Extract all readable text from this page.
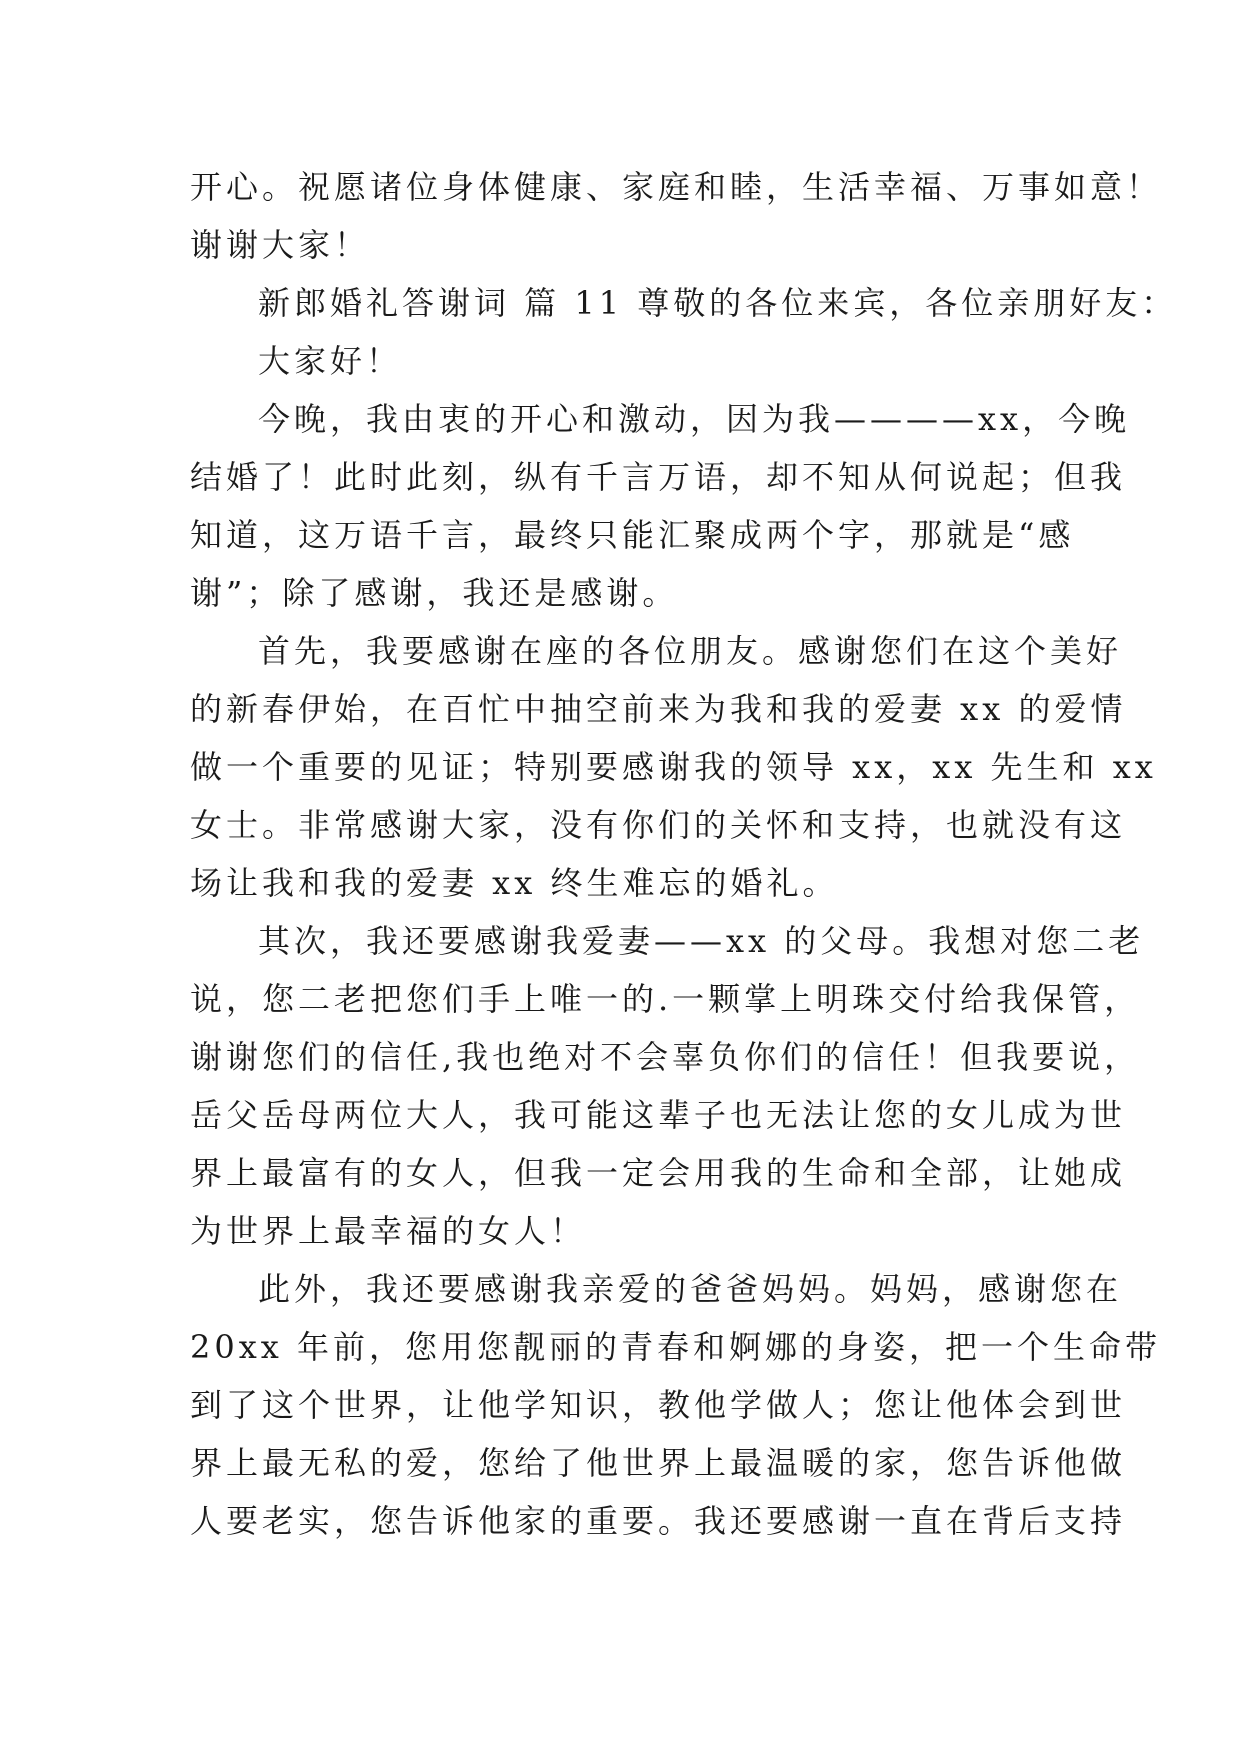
开心。祝愿诸位身体健康、家庭和睦，生活幸福、万事如意！
谢谢大家！
新郎婚礼答谢词 篇 11 尊敬的各位来宾，各位亲朋好友：
大家好！
今晚，我由衷的开心和激动，因为我————xx，今晚
结婚了！此时此刻，纵有千言万语，却不知从何说起；但我
知道，这万语千言，最终只能汇聚成两个字，那就是“感
谢”；除了感谢，我还是感谢。
首先，我要感谢在座的各位朋友。感谢您们在这个美好
的新春伊始，在百忙中抽空前来为我和我的爱妻 xx 的爱情
做一个重要的见证；特别要感谢我的领导 xx，xx 先生和 xx
女士。非常感谢大家，没有你们的关怀和支持，也就没有这
场让我和我的爱妻 xx 终生难忘的婚礼。
其次，我还要感谢我爱妻——xx 的父母。我想对您二老
说，您二老把您们手上唯一的.一颗掌上明珠交付给我保管，
谢谢您们的信任,我也绝对不会辜负你们的信任！但我要说，
岳父岳母两位大人，我可能这辈子也无法让您的女儿成为世
界上最富有的女人，但我一定会用我的生命和全部，让她成
为世界上最幸福的女人！
此外，我还要感谢我亲爱的爸爸妈妈。妈妈，感谢您在
20xx 年前，您用您靓丽的青春和婀娜的身姿，把一个生命带
到了这个世界，让他学知识，教他学做人；您让他体会到世
界上最无私的爱，您给了他世界上最温暖的家，您告诉他做
人要老实，您告诉他家的重要。我还要感谢一直在背后支持
